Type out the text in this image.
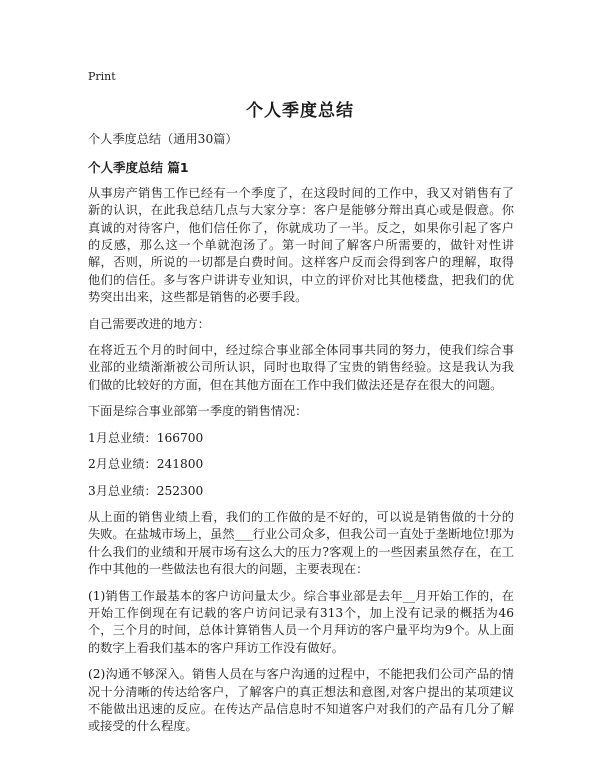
Print
个人季度总结

个人季度总结（通用30篇）

个人季度总结 篇1

从事房产销售工作已经有一个季度了，在这段时间的工作中，我又对销售有了新的认识，在此我总结几点与大家分享：客户是能够分辩出真心或是假意。你真诚的对待客户，他们信任你了，你就成功了一半。反之，如果你引起了客户的反感，那么这一个单就泡汤了。第一时间了解客户所需要的，做针对性讲解，否则，所说的一切都是白费时间。这样客户反而会得到客户的理解，取得他们的信任。多与客户讲讲专业知识，中立的评价对比其他楼盘，把我们的优势突出出来，这些都是销售的必要手段。

自己需要改进的地方：

在将近五个月的时间中，经过综合事业部全体同事共同的努力，使我们综合事业部的业绩渐渐被公司所认识，同时也取得了宝贵的销售经验。这是我认为我们做的比较好的方面，但在其他方面在工作中我们做法还是存在很大的问题。

下面是综合事业部第一季度的销售情况：

1月总业绩：166700

2月总业绩：241800

3月总业绩：252300

从上面的销售业绩上看，我们的工作做的是不好的，可以说是销售做的十分的失败。在盐城市场上，虽然___行业公司众多，但我公司一直处于垄断地位!那为什么我们的业绩和开展市场有这么大的压力?客观上的一些因素虽然存在，在工作中其他的一些做法也有很大的问题，主要表现在：

(1)销售工作最基本的客户访问量太少。综合事业部是去年__月开始工作的，在开始工作倒现在有记载的客户访问记录有313个，加上没有记录的概括为46个，三个月的时间，总体计算销售人员一个月拜访的客户量平均为9个。从上面的数字上看我们基本的客户拜访工作没有做好。

(2)沟通不够深入。销售人员在与客户沟通的过程中，不能把我们公司产品的情况十分清晰的传达给客户，了解客户的真正想法和意图,对客户提出的某项建议不能做出迅速的反应。在传达产品信息时不知道客户对我们的产品有几分了解或接受的什么程度。
